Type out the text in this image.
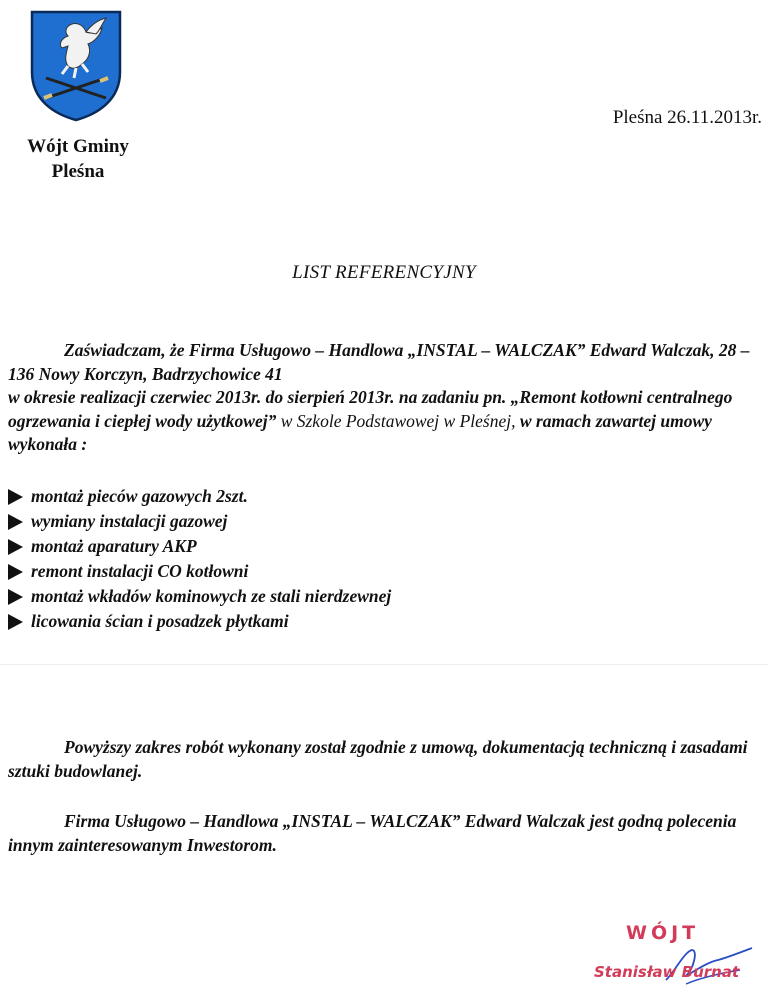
Wójt Gminy
Pleśna
Pleśna 26.11.2013r.
LIST REFERENCYJNY
Zaświadczam, że Firma Usługowo – Handlowa „INSTAL – WALCZAK” Edward Walczak, 28 – 136 Nowy Korczyn, Badrzychowice 41
w okresie realizacji czerwiec 2013r. do sierpień 2013r. na zadaniu pn. „Remont kotłowni centralnego ogrzewania i ciepłej wody użytkowej” w Szkole Podstawowej w Pleśnej, w ramach zawartej umowy wykonała :
montaż pieców gazowych 2szt.
wymiany instalacji gazowej
montaż aparatury AKP
remont instalacji CO kotłowni
montaż wkładów kominowych ze stali nierdzewnej
licowania ścian i posadzek płytkami
Powyższy zakres robót wykonany został zgodnie z umową, dokumentacją techniczną i zasadami sztuki budowlanej.
Firma Usługowo – Handlowa „INSTAL – WALCZAK” Edward Walczak jest godną polecenia innym zainteresowanym Inwestorom.
WÓJT
Stanisław Burnat
